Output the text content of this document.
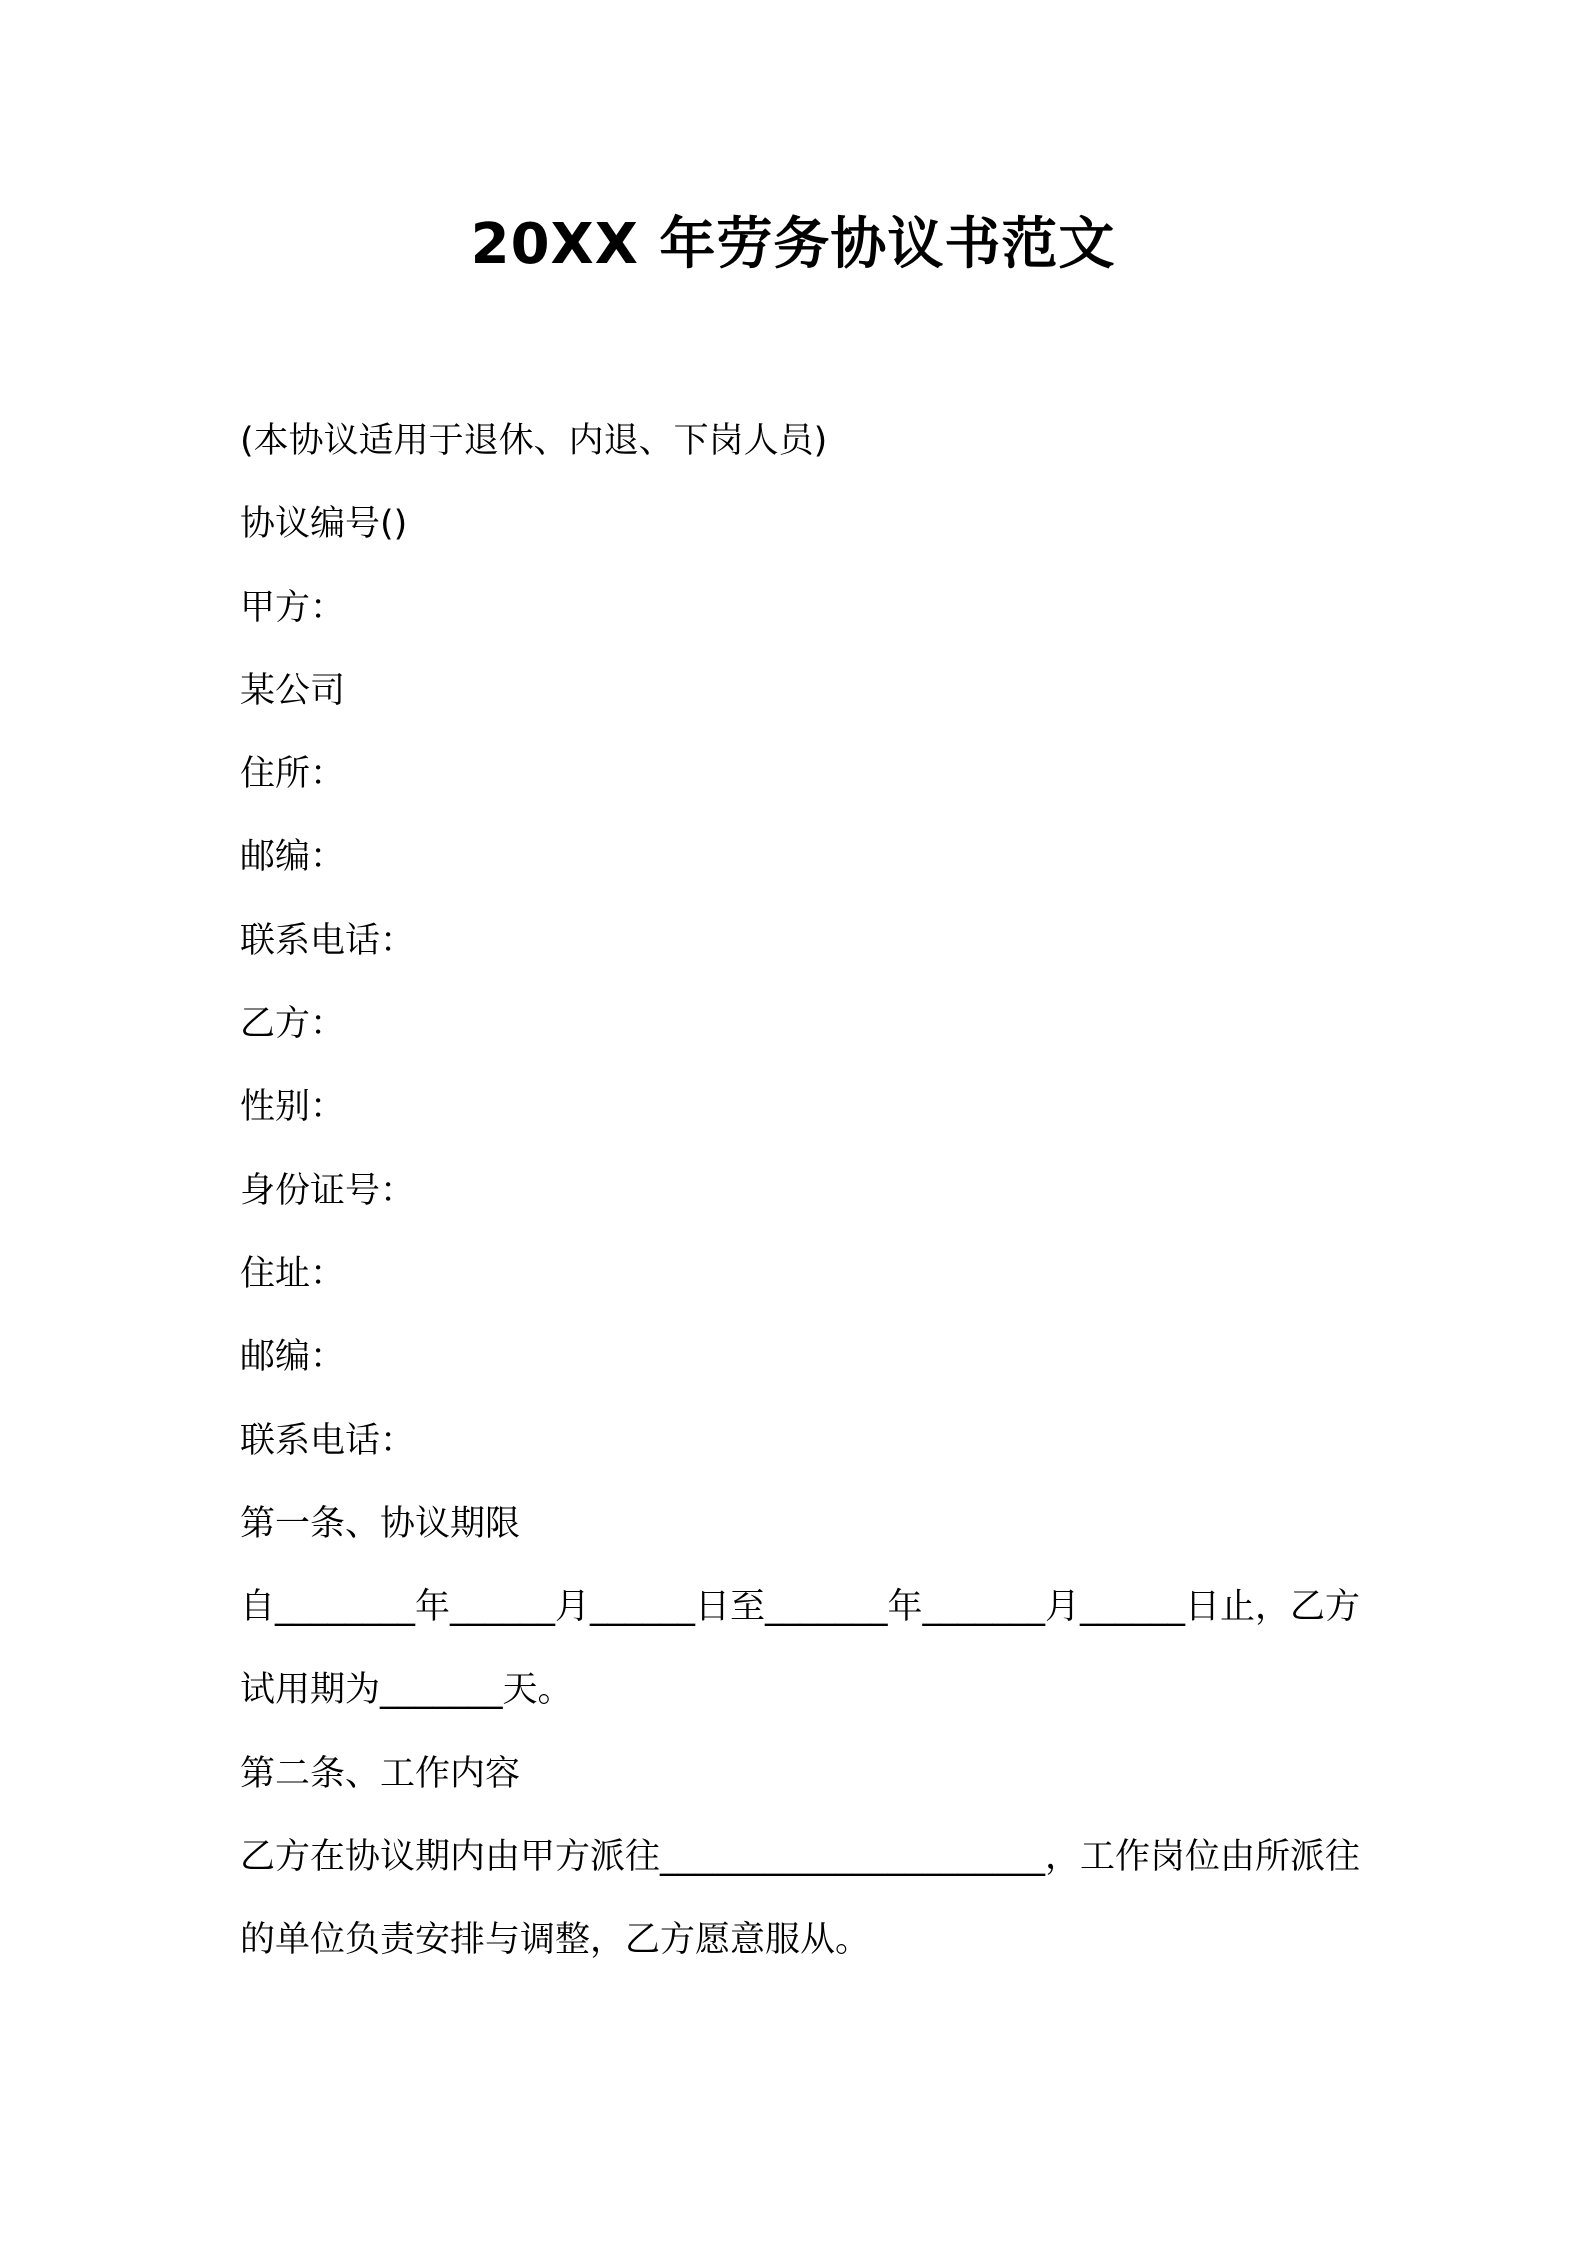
20XX 年劳务协议书范文
(本协议适用于退休、内退、下岗人员)
协议编号()
甲方：
某公司
住所：
邮编：
联系电话：
乙方：
性别：
身份证号：
住址：
邮编：
联系电话：
第一条、协议期限
自________年______月______日至_______年_______月______日止，乙方试用期为_______天。
第二条、工作内容
乙方在协议期内由甲方派往______________________，工作岗位由所派往的单位负责安排与调整，乙方愿意服从。
